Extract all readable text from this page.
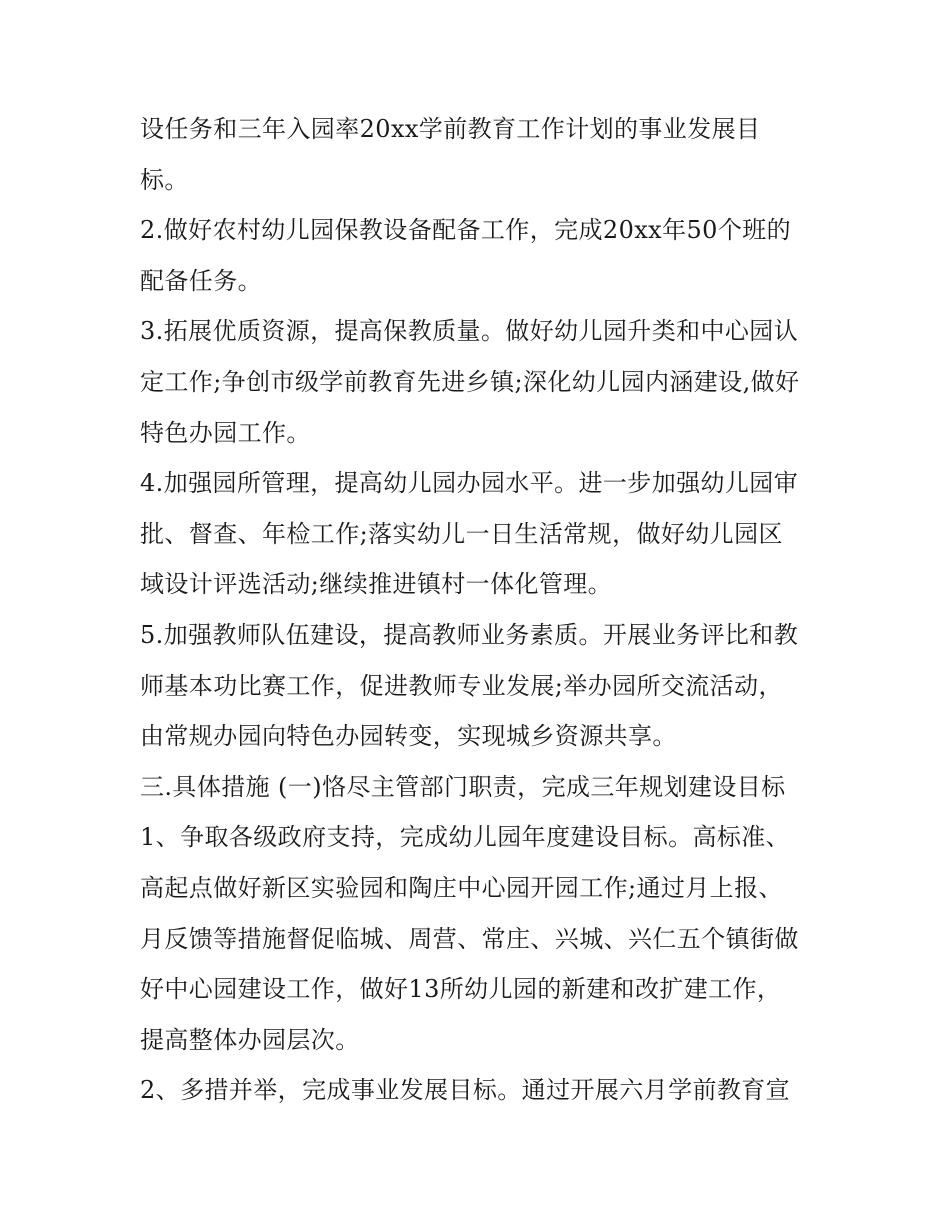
设任务和三年入园率20xx学前教育工作计划的事业发展目
标。
2.做好农村幼儿园保教设备配备工作，完成20xx年50个班的
配备任务。
3.拓展优质资源，提高保教质量。做好幼儿园升类和中心园认
定工作;争创市级学前教育先进乡镇;深化幼儿园内涵建设,做好
特色办园工作。
4.加强园所管理，提高幼儿园办园水平。进一步加强幼儿园审
批、督查、年检工作;落实幼儿一日生活常规，做好幼儿园区
域设计评选活动;继续推进镇村一体化管理。
5.加强教师队伍建设，提高教师业务素质。开展业务评比和教
师基本功比赛工作，促进教师专业发展;举办园所交流活动，
由常规办园向特色办园转变，实现城乡资源共享。
三.具体措施 (一)恪尽主管部门职责，完成三年规划建设目标
1、争取各级政府支持，完成幼儿园年度建设目标。高标准、
高起点做好新区实验园和陶庄中心园开园工作;通过月上报、
月反馈等措施督促临城、周营、常庄、兴城、兴仁五个镇街做
好中心园建设工作，做好13所幼儿园的新建和改扩建工作，
提高整体办园层次。
2、多措并举，完成事业发展目标。通过开展六月学前教育宣
